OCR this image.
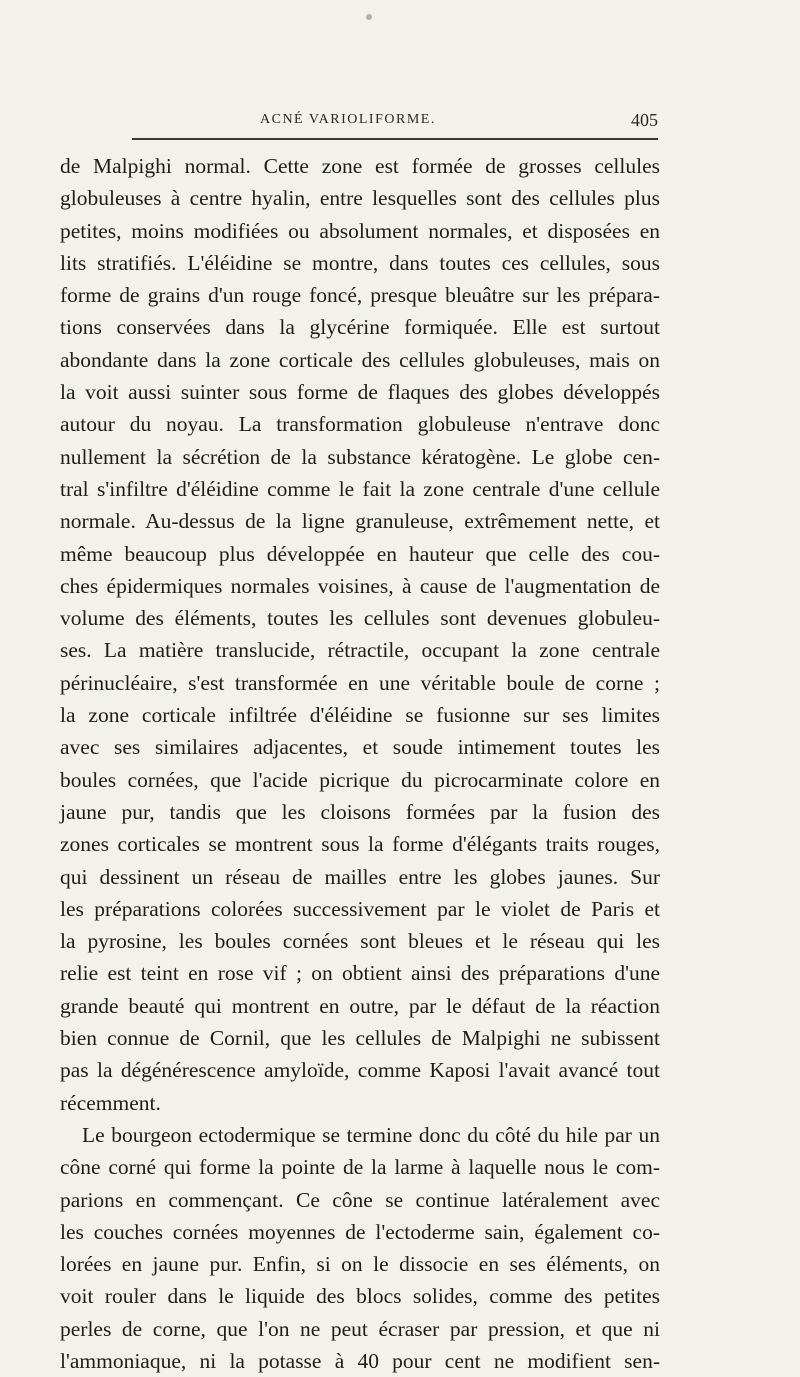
ACNÉ VARIOLIFORME.	405
de Malpighi normal. Cette zone est formée de grosses cellules
globuleuses à centre hyalin, entre lesquelles sont des cellules plus
petites, moins modifiées ou absolument normales, et disposées en
lits stratifiés. L'éléidine se montre, dans toutes ces cellules, sous
forme de grains d'un rouge foncé, presque bleuâtre sur les prépara-
tions conservées dans la glycérine formiquée. Elle est surtout
abondante dans la zone corticale des cellules globuleuses, mais on
la voit aussi suinter sous forme de flaques des globes développés
autour du noyau. La transformation globuleuse n'entrave donc
nullement la sécrétion de la substance kératogène. Le globe cen-
tral s'infiltre d'éléidine comme le fait la zone centrale d'une cellule
normale. Au-dessus de la ligne granuleuse, extrêmement nette, et
même beaucoup plus développée en hauteur que celle des cou-
ches épidermiques normales voisines, à cause de l'augmentation de
volume des éléments, toutes les cellules sont devenues globuleu-
ses. La matière translucide, rétractile, occupant la zone centrale
périnucléaire, s'est transformée en une véritable boule de corne ;
la zone corticale infiltrée d'éléidine se fusionne sur ses limites
avec ses similaires adjacentes, et soude intimement toutes les
boules cornées, que l'acide picrique du picrocarminate colore en
jaune pur, tandis que les cloisons formées par la fusion des
zones corticales se montrent sous la forme d'élégants traits rouges,
qui dessinent un réseau de mailles entre les globes jaunes. Sur
les préparations colorées successivement par le violet de Paris et
la pyrosine, les boules cornées sont bleues et le réseau qui les
relie est teint en rose vif ; on obtient ainsi des préparations d'une
grande beauté qui montrent en outre, par le défaut de la réaction
bien connue de Cornil, que les cellules de Malpighi ne subissent
pas la dégénérescence amyloïde, comme Kaposi l'avait avancé tout
récemment.
Le bourgeon ectodermique se termine donc du côté du hile par un
cône corné qui forme la pointe de la larme à laquelle nous le com-
parions en commençant. Ce cône se continue latéralement avec
les couches cornées moyennes de l'ectoderme sain, également co-
lorées en jaune pur. Enfin, si on le dissocie en ses éléments, on
voit rouler dans le liquide des blocs solides, comme des petites
perles de corne, que l'on ne peut écraser par pression, et que ni
l'ammoniaque, ni la potasse à 40 pour cent ne modifient sen-
